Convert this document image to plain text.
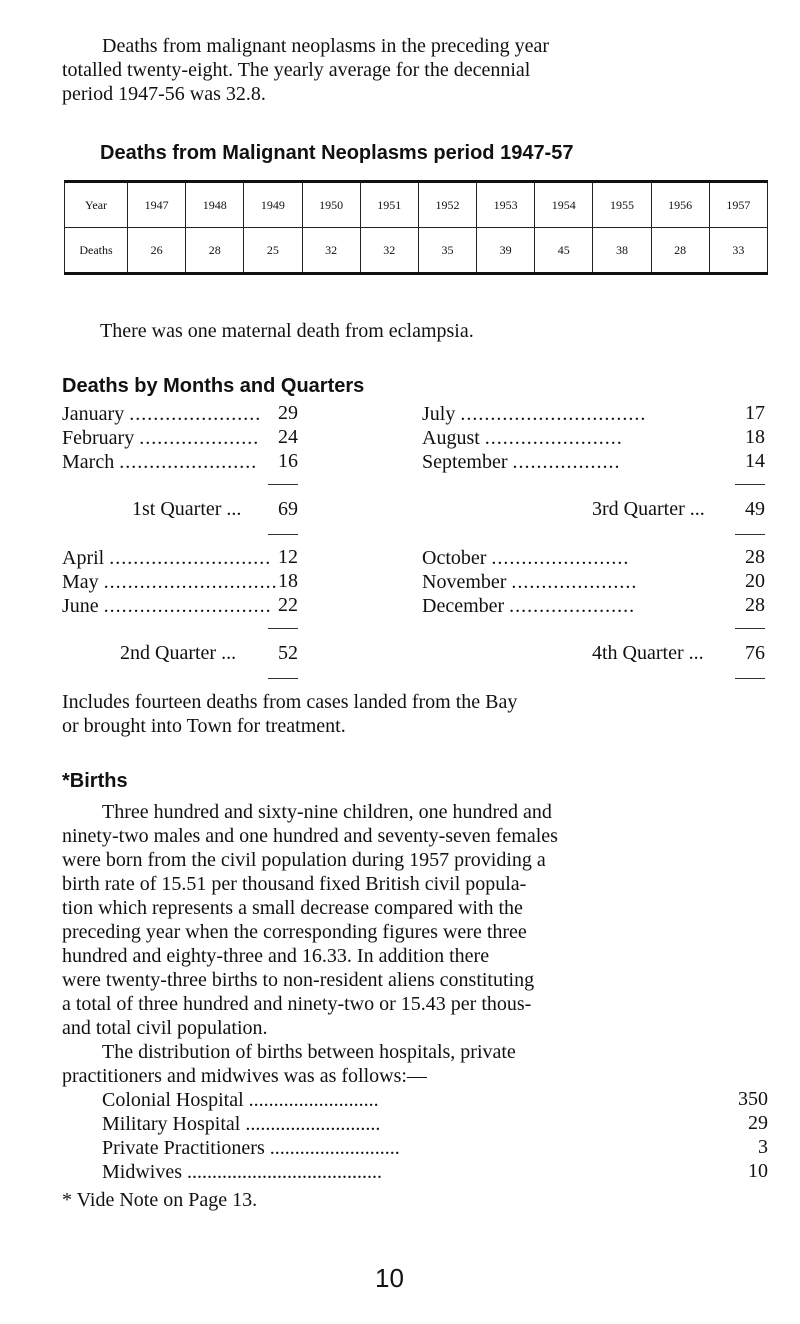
Deaths from malignant neoplasms in the preceding year
totalled twenty-eight. The yearly average for the decennial
period 1947-56 was 32.8.

Deaths from Malignant Neoplasms period 1947-57

Year	1947	1948	1949	1950	1951	1952	1953	1954	1955	1956	1957
Deaths	26	28	25	32	32	35	39	45	38	28	33

There was one maternal death from eclampsia.

Deaths by Months and Quarters

January ...................... 29
February .................... 24
March .......................	16
1st Quarter ...	69
April ........................... 12
May ............................. 18
June ............................ 22
2nd Quarter ...	52
July ...............................	17
August .......................	18
September ..................	14
3rd Quarter ...	49
October .......................	28
November .....................	20
December .....................	28
4th Quarter ...	76

Includes fourteen deaths from cases landed from the Bay
or brought into Town for treatment.

*Births

Three hundred and sixty-nine children, one hundred and
ninety-two males and one hundred and seventy-seven females
were born from the civil population during 1957 providing a
birth rate of 15.51 per thousand fixed British civil popula-
tion which represents a small decrease compared with the
preceding year when the corresponding figures were three
hundred and eighty-three and 16.33. In addition there
were twenty-three births to non-resident aliens constituting
a total of three hundred and ninety-two or 15.43 per thous-
and total civil population.
The distribution of births between hospitals, private
practitioners and midwives was as follows:—
Colonial Hospital ..........................	350
Military Hospital ...........................	29
Private Practitioners ..........................	3
Midwives .......................................	10
* Vide Note on Page 13.
10
